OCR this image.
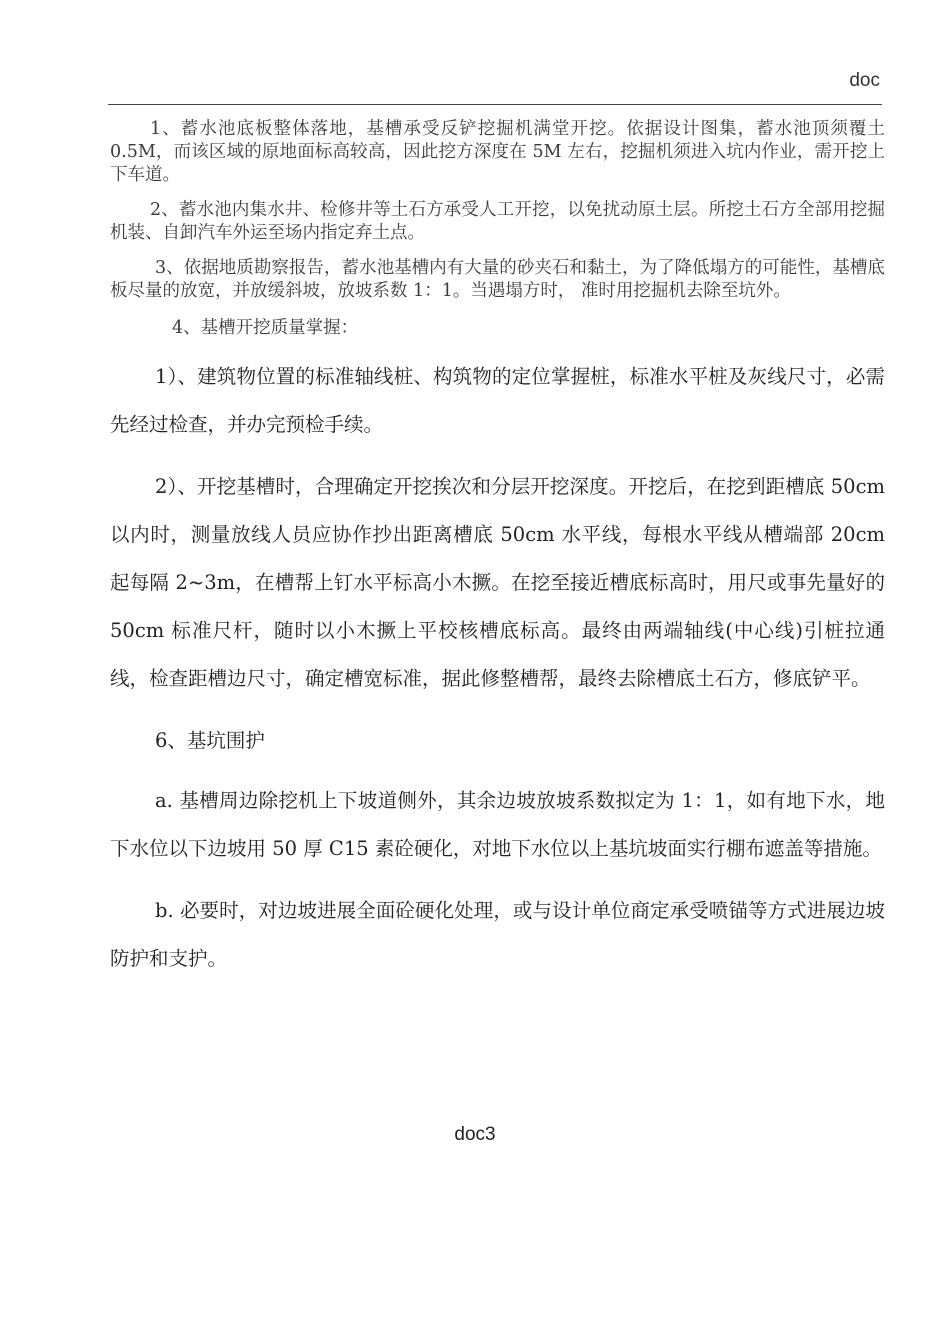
doc

1、蓄水池底板整体落地，基槽承受反铲挖掘机满堂开挖。依据设计图集，蓄水池顶须覆土 0.5M，而该区域的原地面标高较高，因此挖方深度在 5M 左右，挖掘机须进入坑内作业，需开挖上下车道。

2、蓄水池内集水井、检修井等土石方承受人工开挖，以免扰动原土层。所挖土石方全部用挖掘机装、自卸汽车外运至场内指定弃土点。

3、依据地质勘察报告，蓄水池基槽内有大量的砂夹石和黏土，为了降低塌方的可能性，基槽底板尽量的放宽，并放缓斜坡，放坡系数 1：1。当遇塌方时， 准时用挖掘机去除至坑外。

4、基槽开挖质量掌握：

1）、建筑物位置的标准轴线桩、构筑物的定位掌握桩，标准水平桩及灰线尺寸，必需先经过检查，并办完预检手续。

2）、开挖基槽时，合理确定开挖挨次和分层开挖深度。开挖后，在挖到距槽底 50cm 以内时，测量放线人员应协作抄出距离槽底 50cm 水平线，每根水平线从槽端部 20cm 起每隔 2~3m，在槽帮上钉水平标高小木撅。在挖至接近槽底标高时，用尺或事先量好的 50cm 标准尺杆，随时以小木撅上平校核槽底标高。最终由两端轴线(中心线)引桩拉通线，检查距槽边尺寸，确定槽宽标准，据此修整槽帮，最终去除槽底土石方，修底铲平。

6、基坑围护

a. 基槽周边除挖机上下坡道侧外，其余边坡放坡系数拟定为 1：1，如有地下水，地下水位以下边坡用 50 厚 C15 素砼硬化，对地下水位以上基坑坡面实行棚布遮盖等措施。

b. 必要时，对边坡进展全面砼硬化处理，或与设计单位商定承受喷锚等方式进展边坡防护和支护。

doc3
